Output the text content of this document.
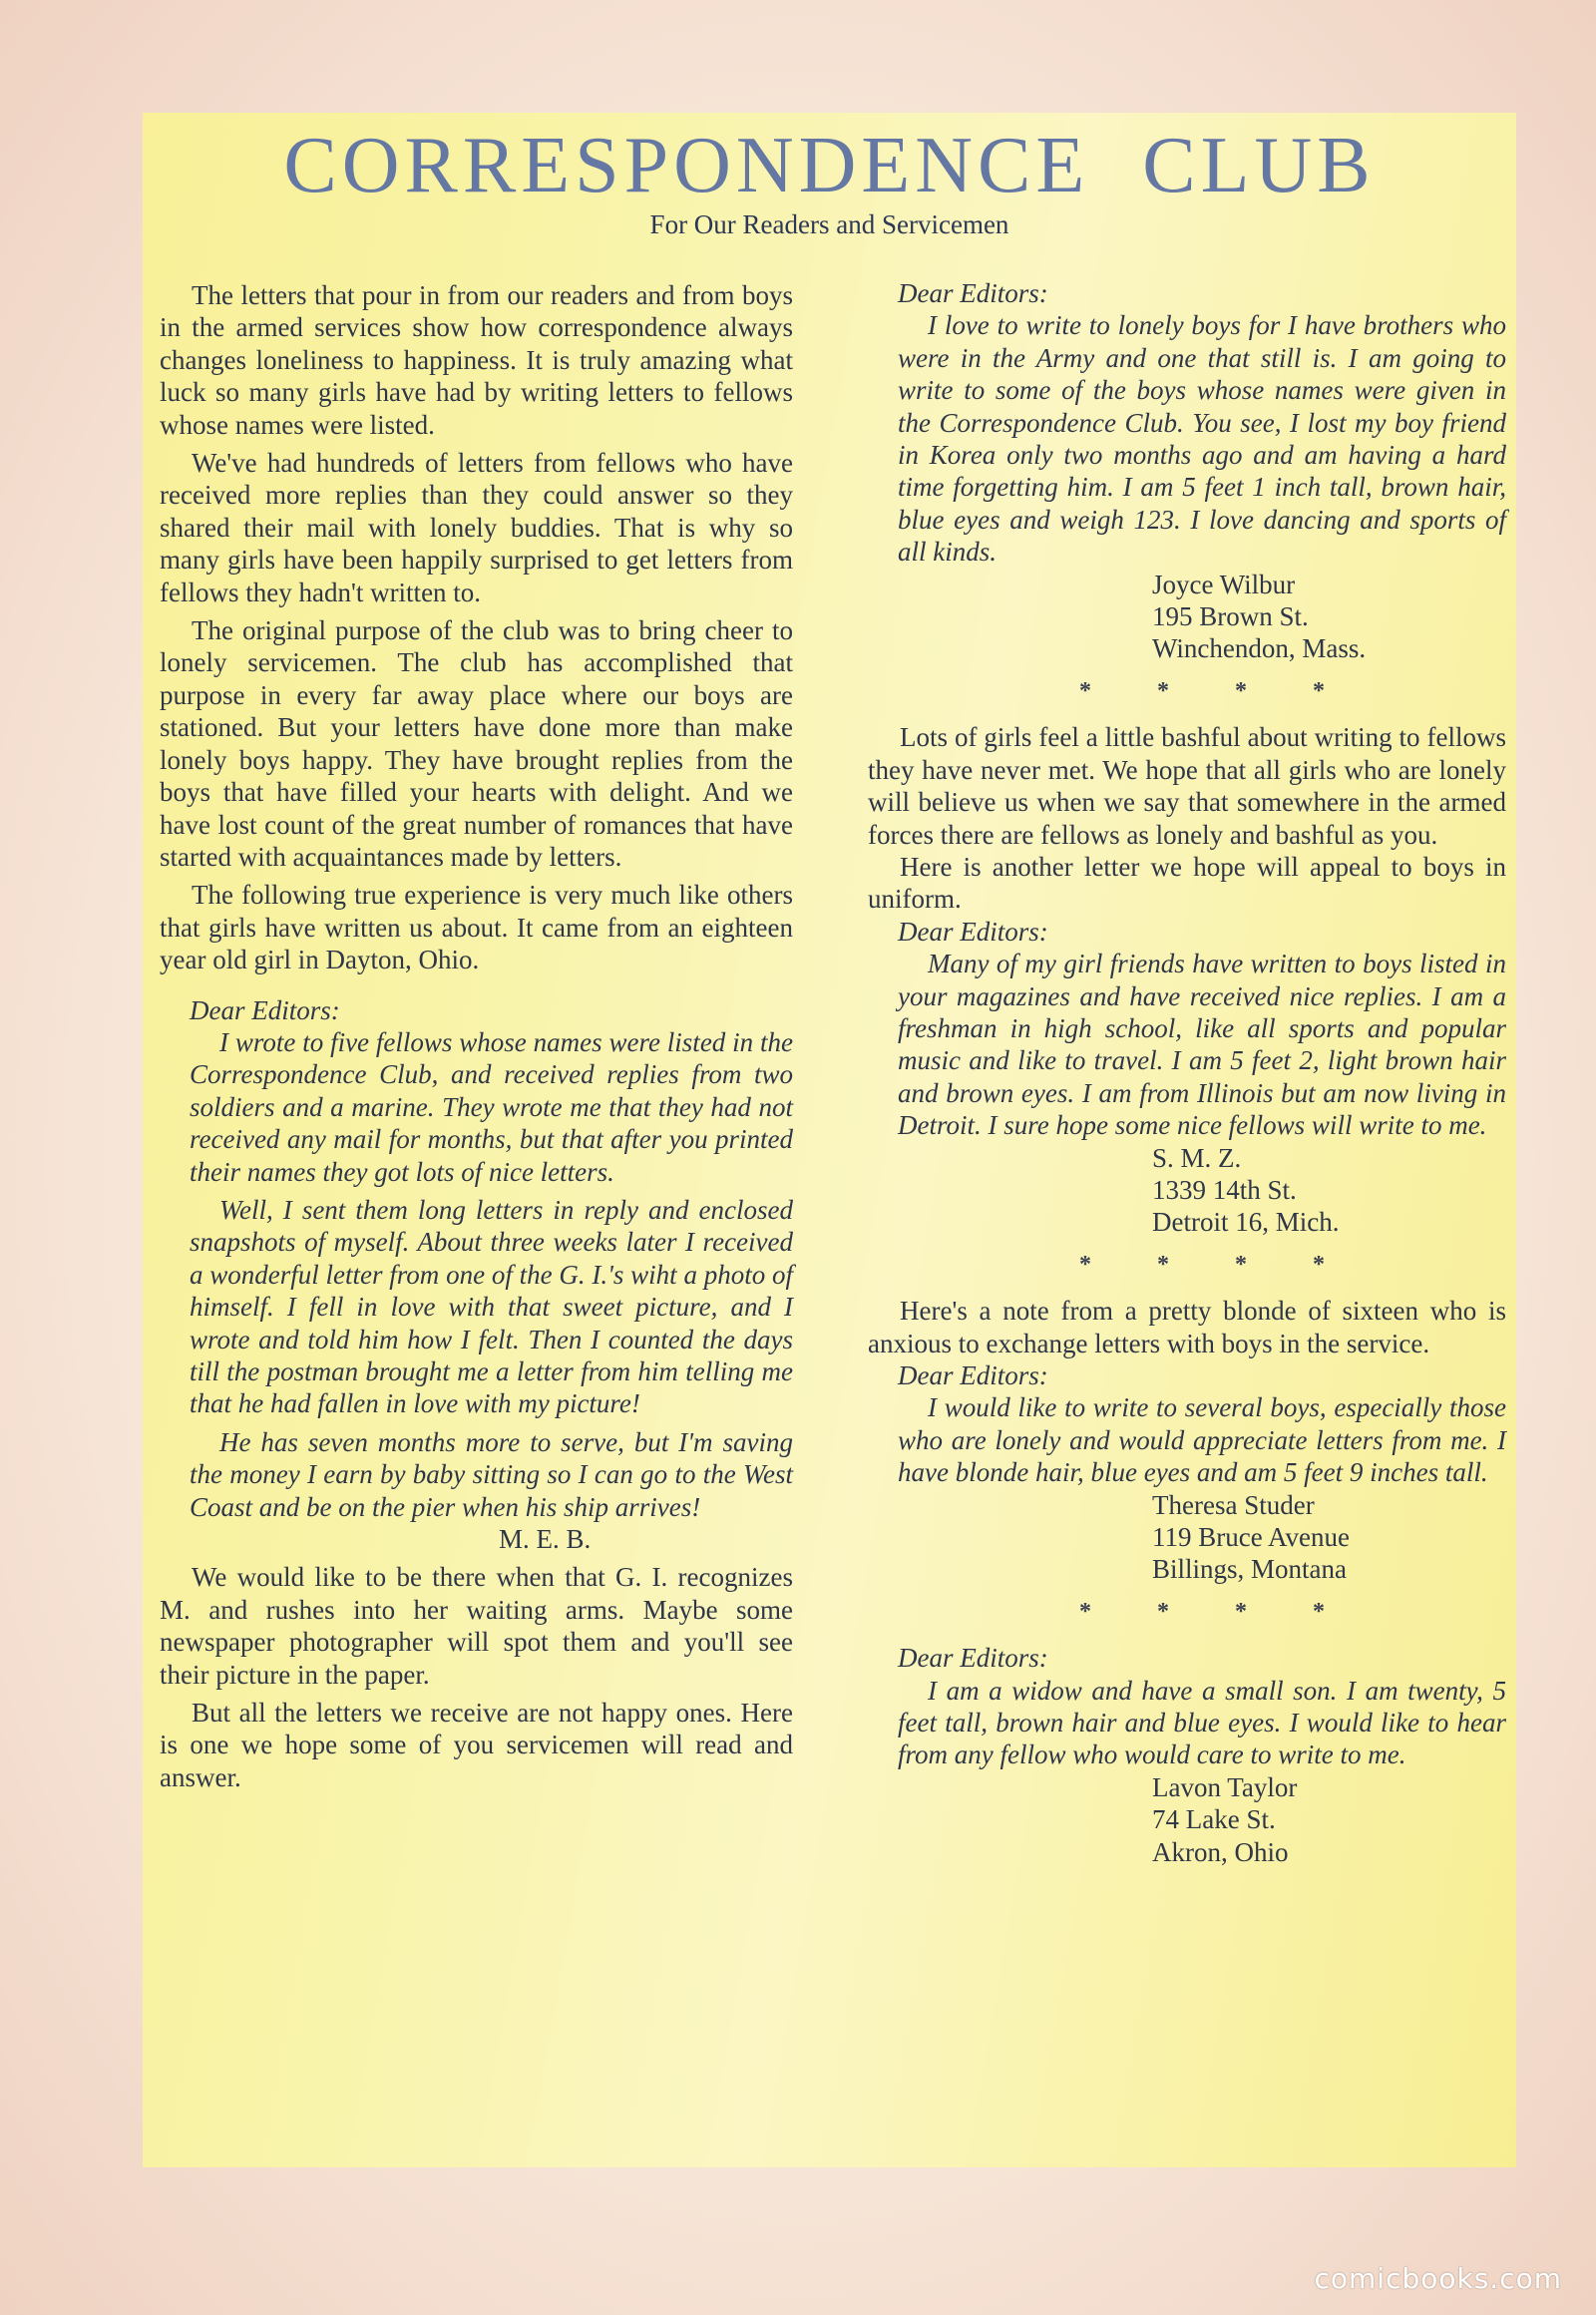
CORRESPONDENCE CLUB
For Our Readers and Servicemen

The letters that pour in from our readers and from boys in the armed services show how correspondence always changes loneliness to happiness. It is truly amazing what luck so many girls have had by writing letters to fellows whose names were listed.

We've had hundreds of letters from fellows who have received more replies than they could answer so they shared their mail with lonely buddies. That is why so many girls have been happily surprised to get letters from fellows they hadn't written to.

The original purpose of the club was to bring cheer to lonely servicemen. The club has accomplished that purpose in every far away place where our boys are stationed. But your letters have done more than make lonely boys happy. They have brought replies from the boys that have filled your hearts with delight. And we have lost count of the great number of romances that have started with acquaintances made by letters.

The following true experience is very much like others that girls have written us about. It came from an eighteen year old girl in Dayton, Ohio.

Dear Editors:

I wrote to five fellows whose names were listed in the Correspondence Club, and received replies from two soldiers and a marine. They wrote me that they had not received any mail for months, but that after you printed their names they got lots of nice letters.

Well, I sent them long letters in reply and enclosed snapshots of myself. About three weeks later I received a wonderful letter from one of the G. I.'s wiht a photo of himself. I fell in love with that sweet picture, and I wrote and told him how I felt. Then I counted the days till the postman brought me a letter from him telling me that he had fallen in love with my picture!

He has seven months more to serve, but I'm saving the money I earn by baby sitting so I can go to the West Coast and be on the pier when his ship arrives!

M. E. B.

We would like to be there when that G. I. recognizes M. and rushes into her waiting arms. Maybe some newspaper photographer will spot them and you'll see their picture in the paper.

But all the letters we receive are not happy ones. Here is one we hope some of you servicemen will read and answer.

Dear Editors:

I love to write to lonely boys for I have brothers who were in the Army and one that still is. I am going to write to some of the boys whose names were given in the Correspondence Club. You see, I lost my boy friend in Korea only two months ago and am having a hard time forgetting him. I am 5 feet 1 inch tall, brown hair, blue eyes and weigh 123. I love dancing and sports of all kinds.

Joyce Wilbur
195 Brown St.
Winchendon, Mass.
* * * *

Lots of girls feel a little bashful about writing to fellows they have never met. We hope that all girls who are lonely will believe us when we say that somewhere in the armed forces there are fellows as lonely and bashful as you.

Here is another letter we hope will appeal to boys in uniform.

Dear Editors:

Many of my girl friends have written to boys listed in your magazines and have received nice replies. I am a freshman in high school, like all sports and popular music and like to travel. I am 5 feet 2, light brown hair and brown eyes. I am from Illinois but am now living in Detroit. I sure hope some nice fellows will write to me.

S. M. Z.
1339 14th St.
Detroit 16, Mich.
* * * *

Here's a note from a pretty blonde of sixteen who is anxious to exchange letters with boys in the service.

Dear Editors:

I would like to write to several boys, especially those who are lonely and would appreciate letters from me. I have blonde hair, blue eyes and am 5 feet 9 inches tall.

Theresa Studer
119 Bruce Avenue
Billings, Montana
* * * *

Dear Editors:

I am a widow and have a small son. I am twenty, 5 feet tall, brown hair and blue eyes. I would like to hear from any fellow who would care to write to me.

Lavon Taylor
74 Lake St.
Akron, Ohio
comicbooks.com
